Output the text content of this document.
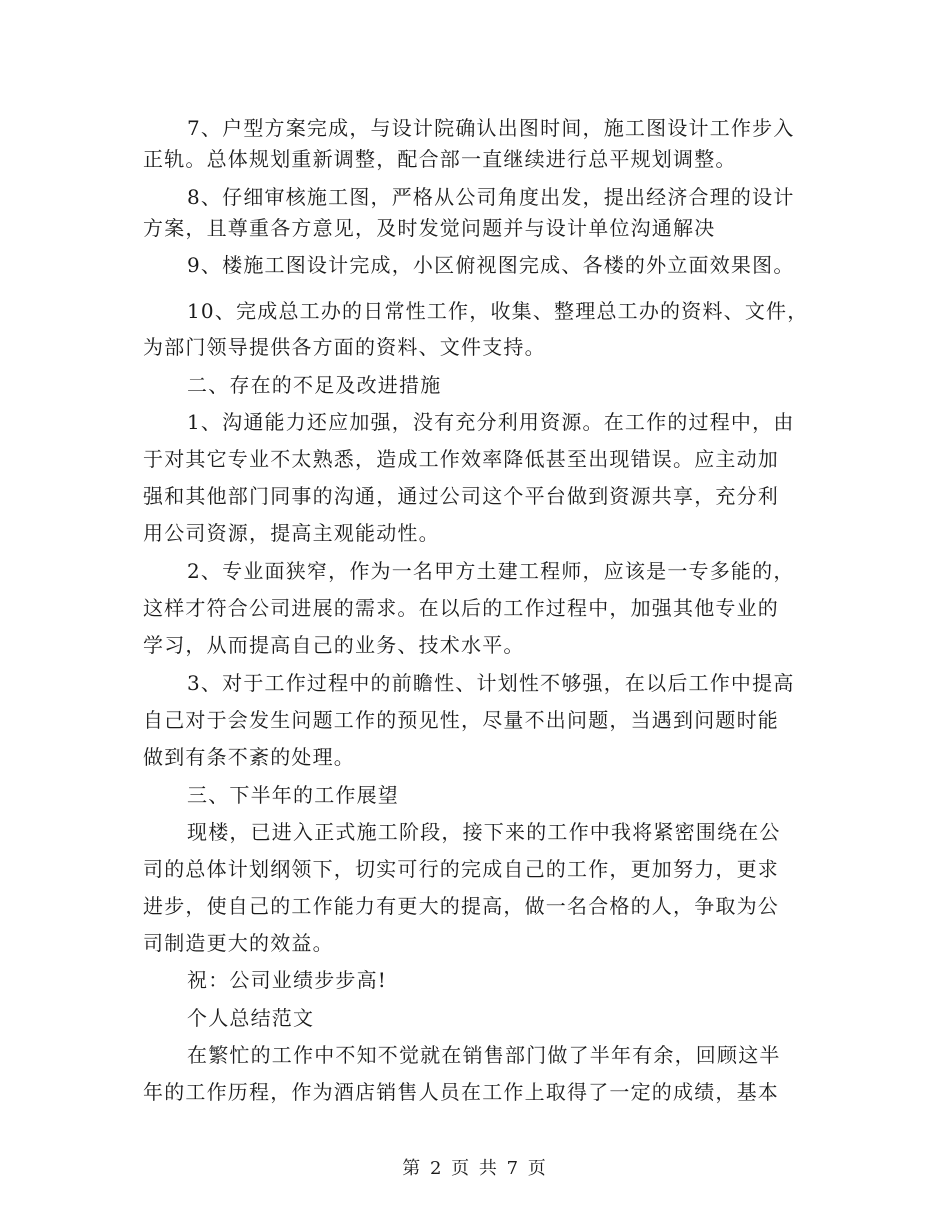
7、户型方案完成，与设计院确认出图时间，施工图设计工作步入
正轨。总体规划重新调整，配合部一直继续进行总平规划调整。
8、仔细审核施工图，严格从公司角度出发，提出经济合理的设计
方案，且尊重各方意见，及时发觉问题并与设计单位沟通解决
9、楼施工图设计完成，小区俯视图完成、各楼的外立面效果图。
10、完成总工办的日常性工作，收集、整理总工办的资料、文件，
为部门领导提供各方面的资料、文件支持。
二、存在的不足及改进措施
1、沟通能力还应加强，没有充分利用资源。在工作的过程中，由
于对其它专业不太熟悉，造成工作效率降低甚至出现错误。应主动加
强和其他部门同事的沟通，通过公司这个平台做到资源共享，充分利
用公司资源，提高主观能动性。
2、专业面狭窄，作为一名甲方土建工程师，应该是一专多能的，
这样才符合公司进展的需求。在以后的工作过程中，加强其他专业的
学习，从而提高自己的业务、技术水平。
3、对于工作过程中的前瞻性、计划性不够强，在以后工作中提高
自己对于会发生问题工作的预见性，尽量不出问题，当遇到问题时能
做到有条不紊的处理。
三、下半年的工作展望
现楼，已进入正式施工阶段，接下来的工作中我将紧密围绕在公
司的总体计划纲领下，切实可行的完成自己的工作，更加努力，更求
进步，使自己的工作能力有更大的提高，做一名合格的人，争取为公
司制造更大的效益。
祝：公司业绩步步高!
个人总结范文
在繁忙的工作中不知不觉就在销售部门做了半年有余，回顾这半
年的工作历程，作为酒店销售人员在工作上取得了一定的成绩，基本
第 2 页 共 7 页
